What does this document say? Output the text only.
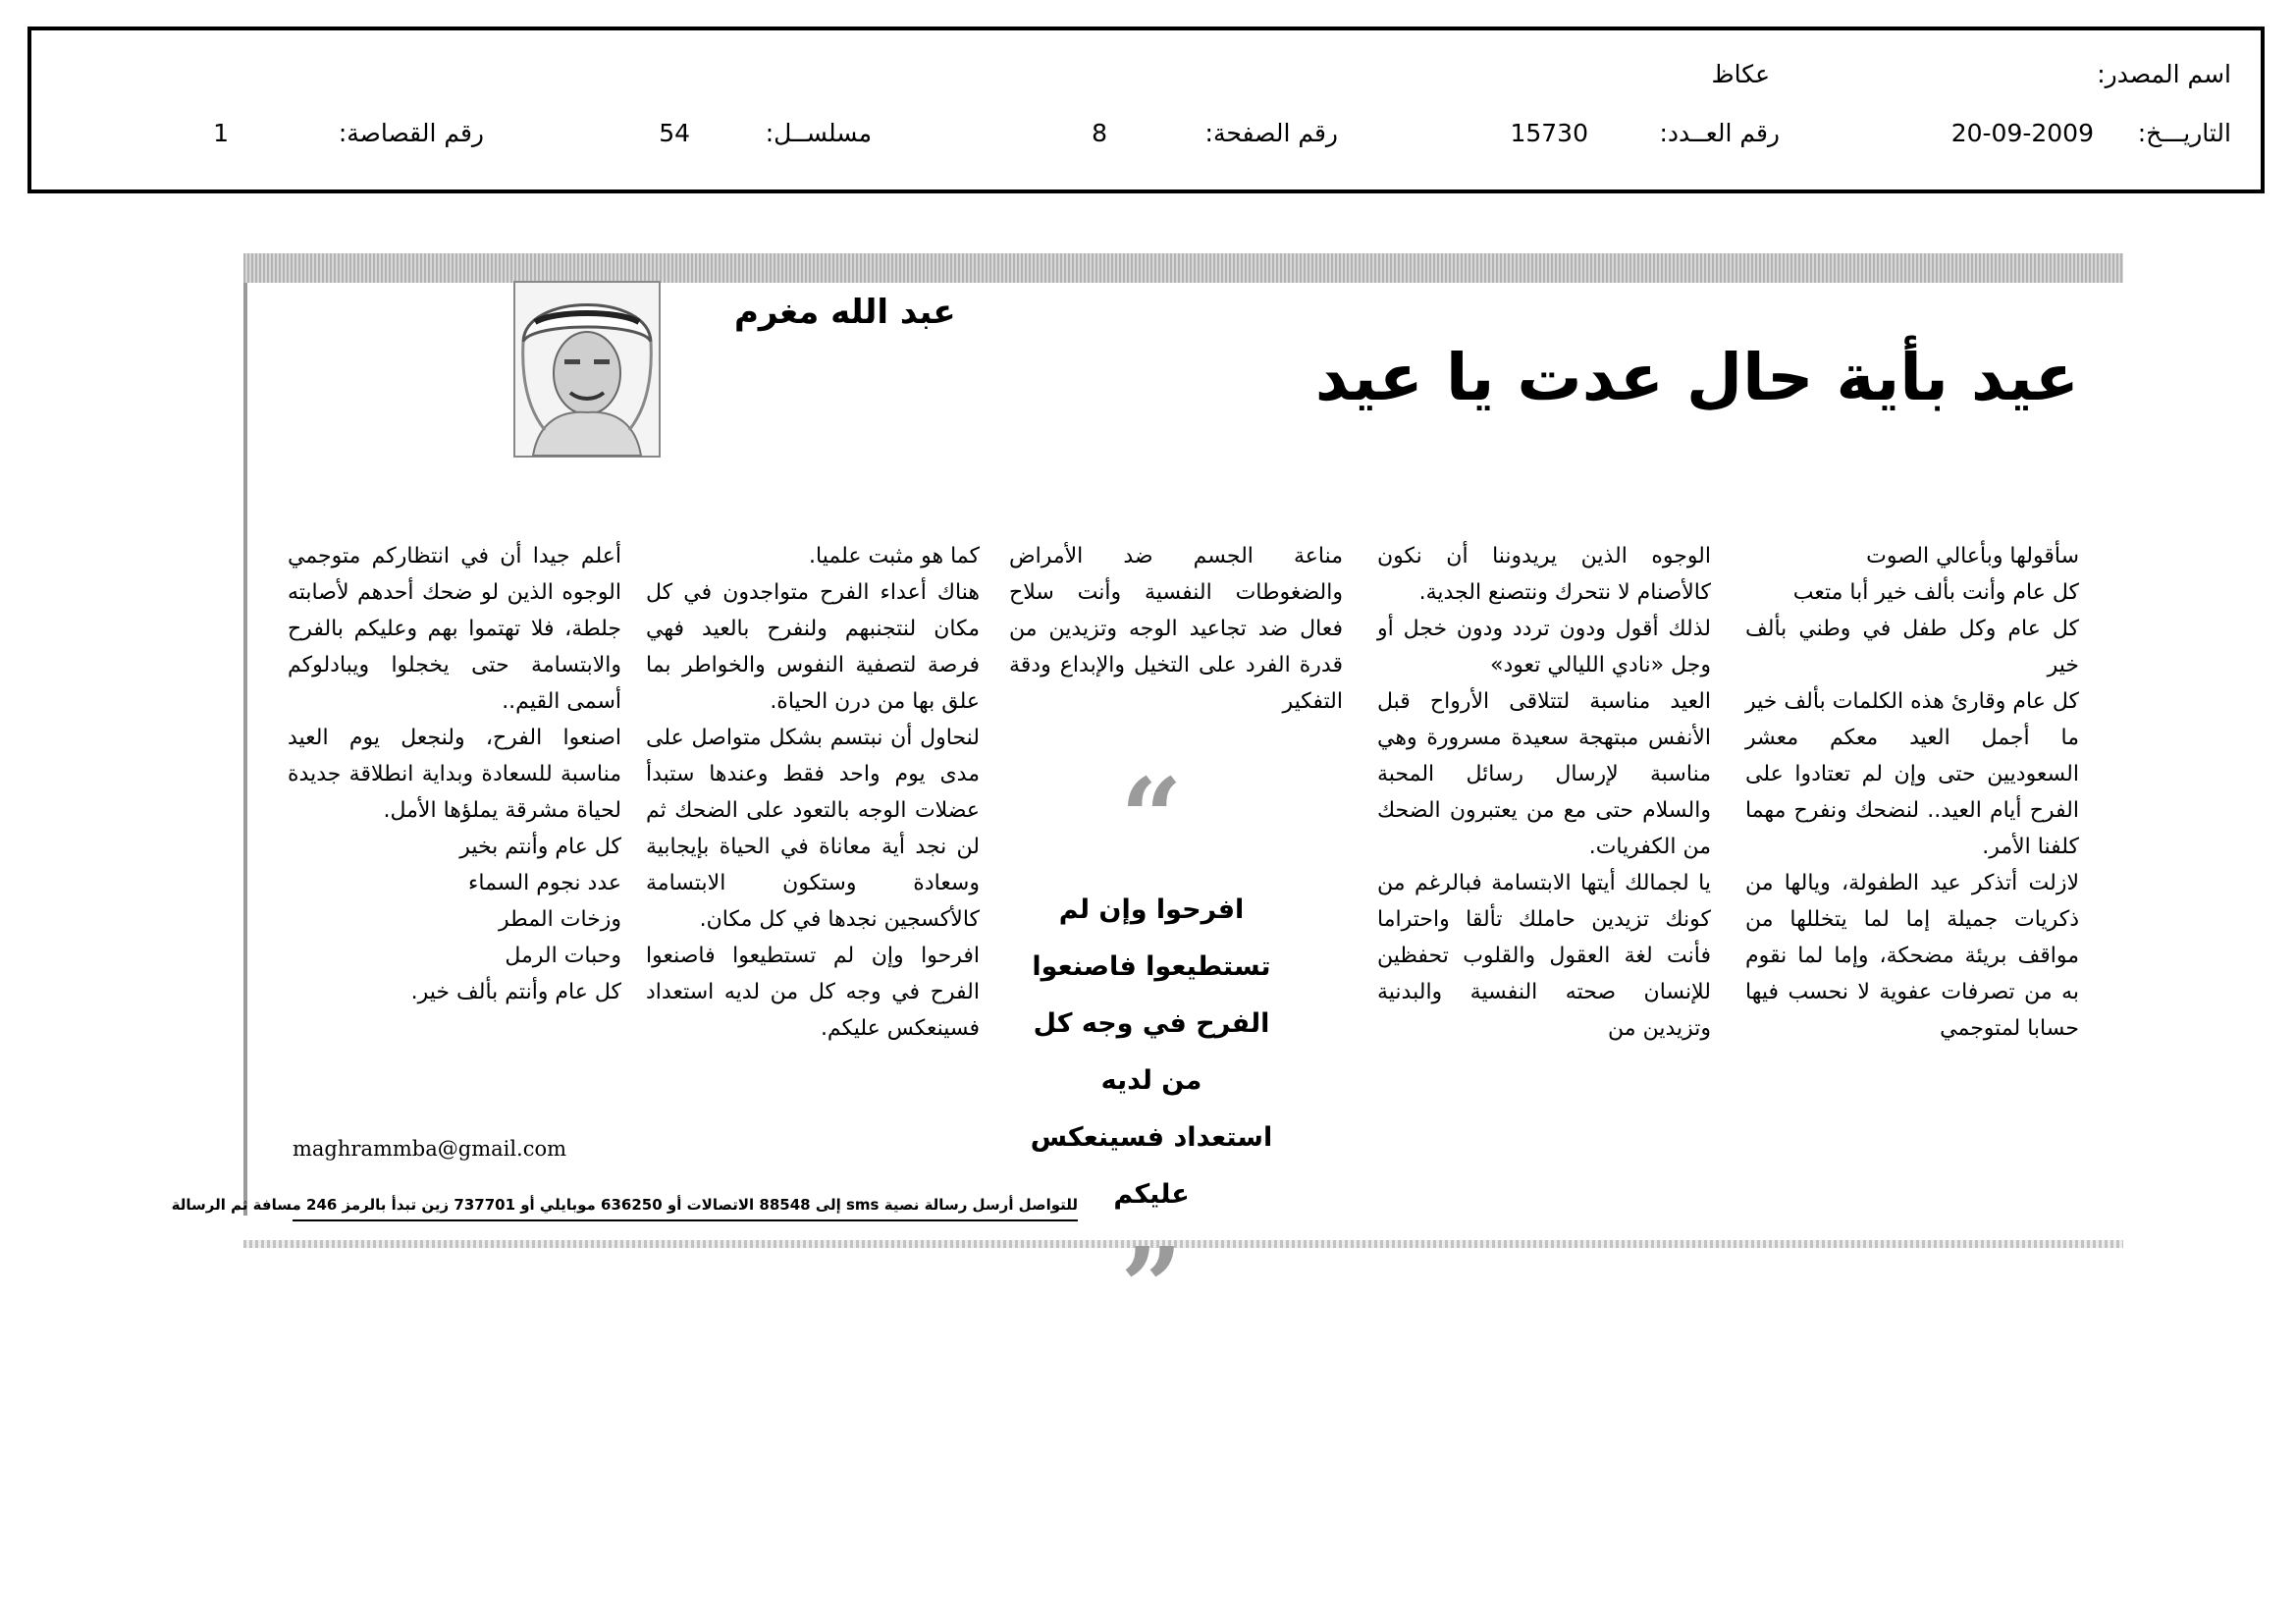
اسم المصدر:
عكاظ
التاريـــخ:
20-09-2009
رقم العــدد:
15730
رقم الصفحة:
8
مسلســل:
54
رقم القصاصة:
1
عبد الله مغرم
عيد بأية حال عدت يا عيد

سأقولها وبأعالي الصوت

كل عام وأنت بألف خير أبا متعب

كل عام وكل طفل في وطني بألف خير

كل عام وقارئ هذه الكلمات بألف خير

ما أجمل العيد معكم معشر السعوديين حتى وإن لم تعتادوا على الفرح أيام العيد.. لنضحك ونفرح مهما كلفنا الأمر.

لازلت أتذكر عيد الطفولة، ويالها من ذكريات جميلة إما لما يتخللها من مواقف بريئة مضحكة، وإما لما نقوم به من تصرفات عفوية لا نحسب فيها حسابا لمتوجمي

الوجوه الذين يريدوننا أن نكون كالأصنام لا نتحرك ونتصنع الجدية.

لذلك أقول ودون تردد ودون خجل أو وجل «نادي الليالي تعود»

العيد مناسبة لتتلاقى الأرواح قبل الأنفس مبتهجة سعيدة مسرورة وهي مناسبة لإرسال رسائل المحبة والسلام حتى مع من يعتبرون الضحك من الكفريات.

يا لجمالك أيتها الابتسامة فبالرغم من كونك تزيدين حاملك تألقا واحتراما فأنت لغة العقول والقلوب تحفظين للإنسان صحته النفسية والبدنية وتزيدين من

مناعة الجسم ضد الأمراض والضغوطات النفسية وأنت سلاح فعال ضد تجاعيد الوجه وتزيدين من قدرة الفرد على التخيل والإبداع ودقة التفكير

“
افرحوا وإن لم تستطيعوا فاصنعوا
الفرح في وجه كل من لديه
استعداد فسينعكس عليكم
”

كما هو مثبت علميا.

هناك أعداء الفرح متواجدون في كل مكان لنتجنبهم ولنفرح بالعيد فهي فرصة لتصفية النفوس والخواطر بما علق بها من درن الحياة.

لنحاول أن نبتسم بشكل متواصل على مدى يوم واحد فقط وعندها ستبدأ عضلات الوجه بالتعود على الضحك ثم لن نجد أية معاناة في الحياة بإيجابية وسعادة وستكون الابتسامة كالأكسجين نجدها في كل مكان.

افرحوا وإن لم تستطيعوا فاصنعوا الفرح في وجه كل من لديه استعداد فسينعكس عليكم.

أعلم جيدا أن في انتظاركم متوجمي الوجوه الذين لو ضحك أحدهم لأصابته جلطة، فلا تهتموا بهم وعليكم بالفرح والابتسامة حتى يخجلوا ويبادلوكم أسمى القيم..

اصنعوا الفرح، ولنجعل يوم العيد مناسبة للسعادة وبداية انطلاقة جديدة لحياة مشرقة يملؤها الأمل.

كل عام وأنتم بخير

عدد نجوم السماء

وزخات المطر

وحبات الرمل

كل عام وأنتم بألف خير.

maghrammba@gmail.com
للتواصل أرسل رسالة نصية sms إلى 88548 الاتصالات أو 636250 موبايلي أو 737701 زين تبدأ بالرمز 246 مسافة ثم الرسالة
